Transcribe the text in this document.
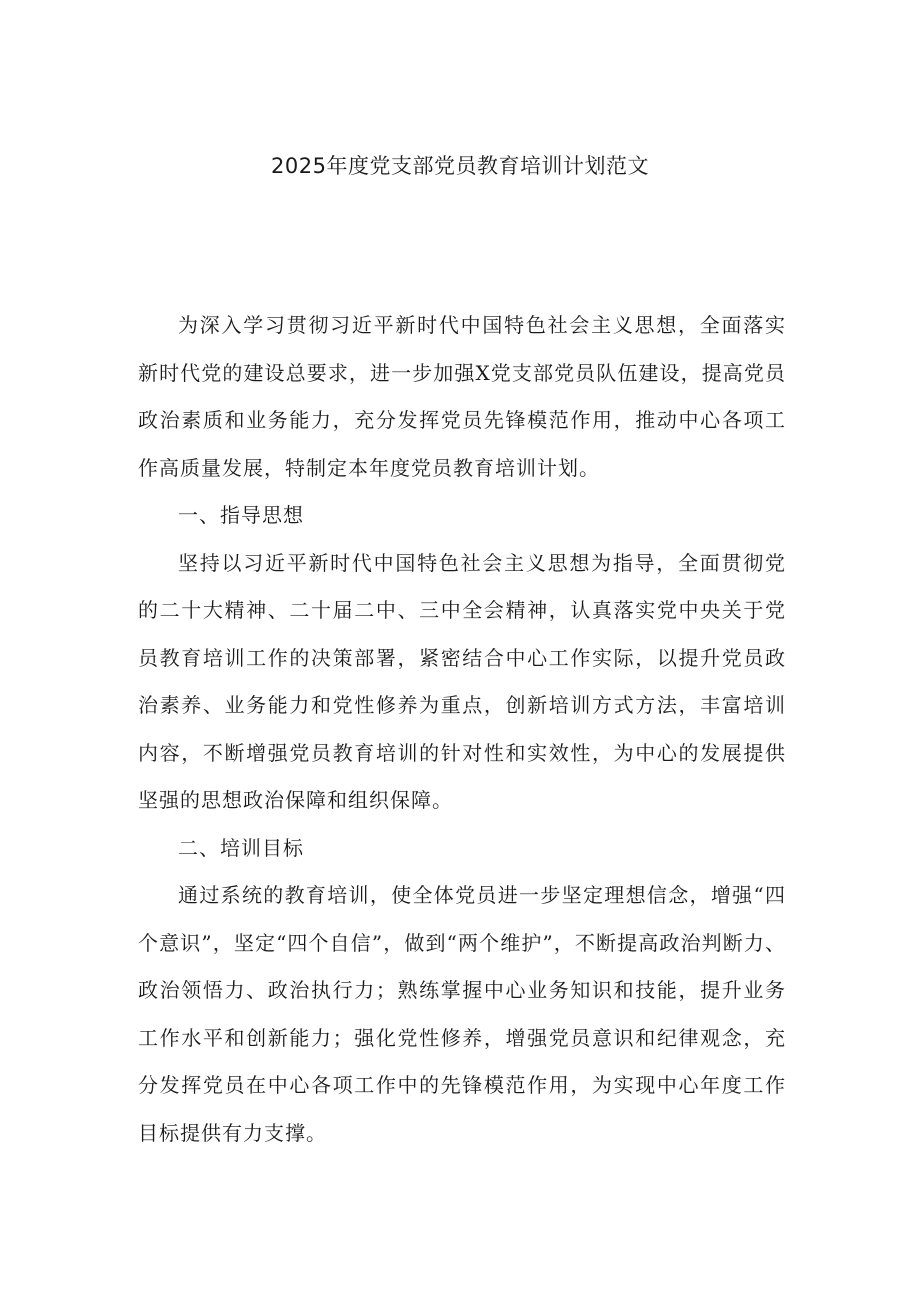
2025年度党支部党员教育培训计划范文

为深入学习贯彻习近平新时代中国特色社会主义思想，全面落实新时代党的建设总要求，进一步加强X党支部党员队伍建设，提高党员政治素质和业务能力，充分发挥党员先锋模范作用，推动中心各项工作高质量发展，特制定本年度党员教育培训计划。

一、指导思想

坚持以习近平新时代中国特色社会主义思想为指导，全面贯彻党的二十大精神、二十届二中、三中全会精神，认真落实党中央关于党员教育培训工作的决策部署，紧密结合中心工作实际，以提升党员政治素养、业务能力和党性修养为重点，创新培训方式方法，丰富培训内容，不断增强党员教育培训的针对性和实效性，为中心的发展提供坚强的思想政治保障和组织保障。

二、培训目标

通过系统的教育培训，使全体党员进一步坚定理想信念，增强“四个意识”，坚定“四个自信”，做到“两个维护”，不断提高政治判断力、政治领悟力、政治执行力；熟练掌握中心业务知识和技能，提升业务工作水平和创新能力；强化党性修养，增强党员意识和纪律观念，充分发挥党员在中心各项工作中的先锋模范作用，为实现中心年度工作目标提供有力支撑。
